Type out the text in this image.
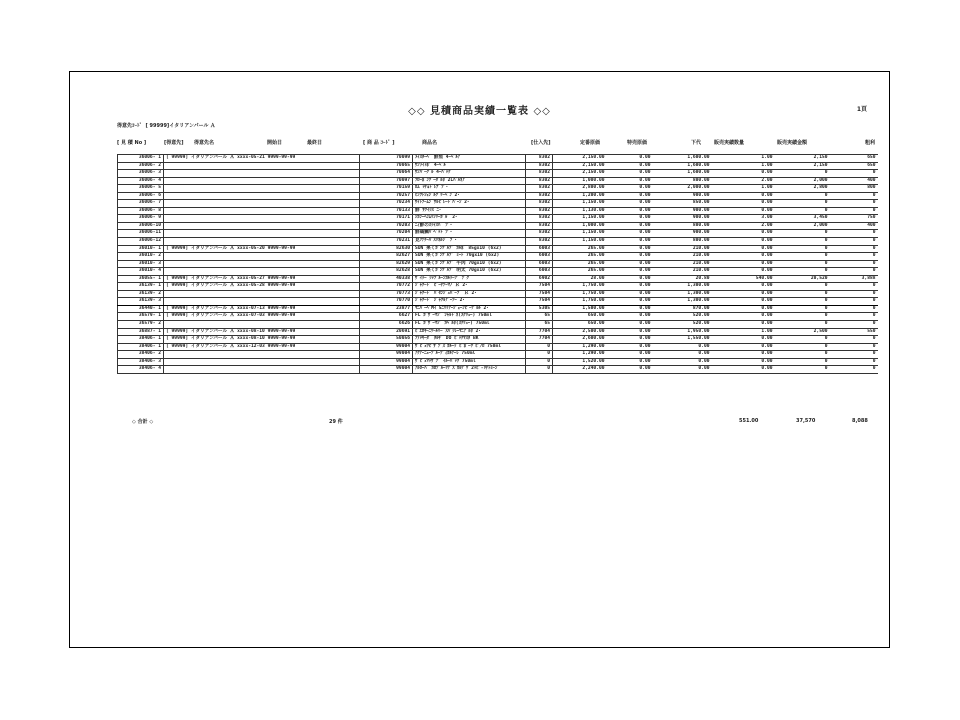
◇◇ 見積商品実績一覧表 ◇◇	1頁
得意先ｺｰﾄﾞ [ 99999]イタリアンパール Ａ
[ 見 積 No ]	[得意先] 得意先名	開始日	最終日	[ 商 品 ｺｰﾄﾞ ]	商品名	[仕入先]	定番原価	特売原価	下代	販売実績数量	販売実績金額	粗利
36006- 1	[ 99999] イタリアンパール Ａ xxxx-05-21 9999-99-99	70099	ﾒｲｽﾀｰﾍﾞ 鮮魚 4ｰﾍﾟﾙｱ	8302	2,150.00	0.00	1,600.00	1.00	2,150	650
36006- 2		70065	ｻﾝﾗｲﾄﾎﾟ 4ｰﾍﾟﾙ	8302	2,150.00	0.00	1,600.00	1.00	2,150	650
36006- 3		70064	ｻﾝﾊﾟｰｸﾞﾙ 4ｰﾊﾟｯｸ	8302	2,150.00	0.00	1,600.00	0.00	0	0
36006- 4		70097	ﾌﾛｰﾎﾞﾝｸﾞｰﾀﾞﾙﾈ 2Lﾊﾟﾙﾈｱ	8302	1,000.00	0.00	800.00	2.00	2,000	400
36006- 5		70159	ﾛﾑ ｯﾁｮﾄﾞﾚﾅ ﾌﾞ･	8302	2,800.00	0.00	2,000.00	1.00	2,800	800
36006- 6		70257	ﾋﾝｸﾄｼｪｼﾞﾙｸﾞﾘｰﾍﾞﾝ 2･	8302	1,200.00	0.00	900.00	0.00	0	0
36006- 7		70234	ｻｲﾄﾌｰﾑﾝ ｻﾙﾋﾞﾚｰﾄﾞﾊﾟｰﾝ 2･	8302	1,150.00	0.00	850.00	0.00	0	0
36006- 8		70133	鮮 ｻｸｲﾗｽ ﾆ･	8302	1,130.00	0.00	900.00	0.00	0	0
36006- 9		70171	ｼｶﾝｰﾍﾝﾑﾘｼﾘｰｶﾞﾙﾞ 2･	8302	1,150.00	0.00	900.00	3.00	3,450	750
36006-10		70203	ﾆｨ鮮のｽﾗｲｽﾊﾞ ﾌﾞ･	8302	1,000.00	0.00	800.00	2.00	2,000	400
36006-11		70204	鮮鶏鯛ﾊﾟﾍﾟｯﾄ ﾌﾞ･	8302	1,150.00	0.00	900.00	0.00	0	0
36006-12		70231	見ｿﾃﾁｰﾊﾟｽﾘﾈﾙｼﾞ ﾌﾞ･	8302	1,150.00	0.00	800.00	0.00	0	0
36010- 1	[ 99999] イタリアンパール Ａ xxxx-05-20 9999-99-99	82630	SUN 果くｶﾞﾝﾂﾞﾙﾌﾟ ｶﾙﾎﾞ 85gx10 (6x2)	6003	265.00	0.00	210.00	0.00	0	0
36010- 2		82627	SUN 果くｶﾞﾝﾂﾞﾙﾌﾟ ﾐｰﾄ 70gx10 (6x2)	6003	265.00	0.00	210.00	0.00	0	0
36010- 3		82629	SUN 果くｶﾞﾝﾂﾞﾙﾌﾟ 牛肉 70gx10 (6x2)	6003	265.00	0.00	210.00	0.00	0	0
36010- 4		82628	SUN 果くｶﾞﾝﾂﾞﾙﾌﾟ 明太 70gx10 (6x2)	6003	265.00	0.00	210.00	0.00	0	0
36055- 1	[ 99999] イタリアンパール Ａ xxxx-05-27 9999-99-99	40338	ｻﾞｲﾗｰ ﾗｯﾌﾟﾙｰﾝｶﾙﾗｰﾌﾟ ﾃﾞｸ	6902	28.00	0.00	20.80	540.00	20,520	3,888
36139- 1	[ 99999] イタリアンパール Ａ xxxx-05-28 9999-99-99	70772	ｼﾞｬｸｰﾄﾞ ﾋﾟｰﾁﾃｰﾏﾉ Ｒ 2･	7504	1,750.00	0.00	1,300.00	0.00	0	0
36139- 2		70773	ｼﾞｬｸｰﾄﾞ ﾊﾟｾﾝｼﾞｭﾊﾟｰﾌﾞ Ｒ 2･	7504	1,750.00	0.00	1,300.00	0.00	0	0
36139- 3		70770	ｼﾞｬｸｰﾄﾞ ｼﾞｬｸﾙｱﾞｰﾃｰ 2･	7504	1,750.00	0.00	1,300.00	0.00	0	0
36440- 1	[ 99999] イタリアンパール Ａ xxxx-07-13 9999-99-99	23877	ﾏﾆﾊﾞｰﾍﾟMｲ 5ﾆﾘﾘｱｰｼﾞｪｰﾝﾋﾟｰﾃﾞﾙﾙ 2･	5305	1,500.00	0.00	870.00	0.00	0	0
36579- 1	[ 99999] イタリアンパール Ａ xxxx-07-03 9999-99-99	6627	FL ｶﾞｻﾞｰﾏｼﾞ ｼｬﾙﾄﾞﾈ(ｽｸﾘｭｰ) 750ml	65	650.00	0.00	520.00	0.00	0	0
36579- 2		6626	FL ｶﾞｻﾞｰﾏｼﾞ ｶﾍﾞﾙﾈ(ｽｸﾘｭｰ) 750ml	65	650.00	0.00	520.00	0.00	0	0
36887- 1	[ 99999] イタリアンパール Ａ xxxx-08-10 9999-99-99	20691	ﾋﾟｴﾛｷｰﾆﾜｰﾙﾘｰ ｽﾊﾟﾗﾚｰﾏﾆｱﾞﾙﾈ 2･	7704	2,500.00	0.00	1,950.00	1.00	2,500	550
38406- 1	[ 99999] イタリアンパール Ａ xxxx-08-10 9999-99-99	50056	ﾌｧｯｷｰﾀﾞ ﾀﾙｷﾞ DO ﾋﾟｯｸﾏｽﾀ BK	7704	2,600.00	0.00	1,550.00	0.00	0	0
38406- 1	[ 99999] イタリアンパール Ａ xxxx-12-03 9999-99-99	99004	ｻﾞﾋﾞｭﾜﾋﾟｻﾞﾃﾞｽﾞｶﾙｰﾗ ﾋﾞﾎﾞｰﾜﾞﾋﾟﾉﾛ 750ml	0	1,290.00	0.00	0.00	0.00	0	0
38406- 2		99004	ｱｸｱｰﾆｭｰﾃﾞﾙｰﾃﾞｨｶﾙﾃｰﾚ 750ml	0	1,290.00	0.00	0.00	0.00	0	0
38406- 3		99004	ｻﾞﾋﾞｭﾏｯｻﾞﾌﾟ ｲﾙｰﾊﾟｯｸ 750ml	0	1,520.00	0.00	0.00	0.00	0	0
38406- 4		99004	ｱﾙﾛｰﾊﾞ ｶﾛﾃﾞﾙｰﾘﾃﾞｽﾞｶﾙﾃﾞﾜ 2ｯﾋﾟ-ﾘﾁﾄﾐｰﾝ	0	2,240.00	0.00	0.00	0.00	0	0
◇ 合計 ◇	29 件	551.00	37,570	8,088
